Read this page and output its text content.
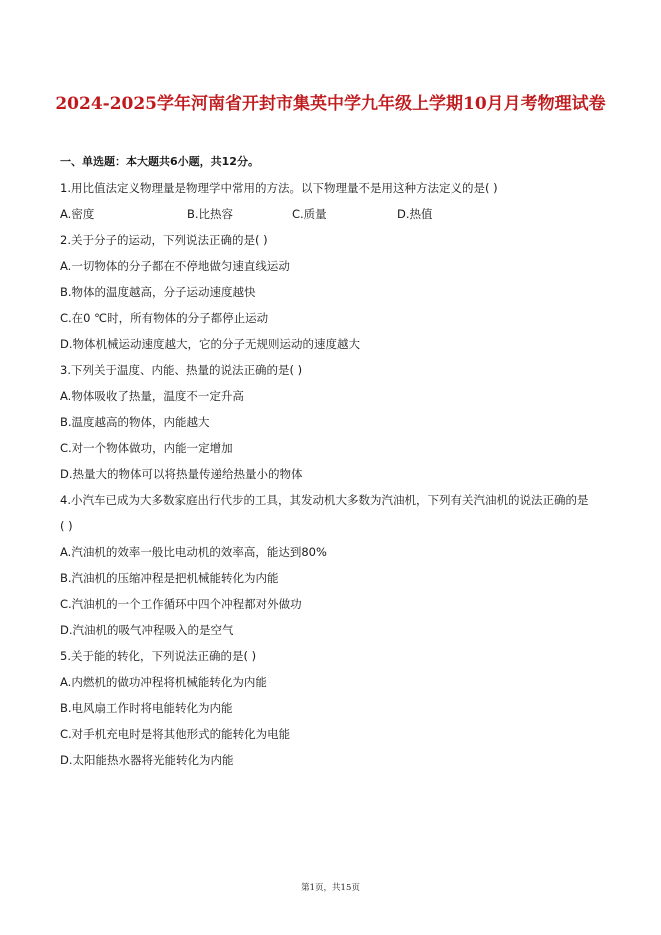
2024-2025学年河南省开封市集英中学九年级上学期10月月考物理试卷
一、单选题：本大题共6小题，共12分。
1.用比值法定义物理量是物理学中常用的方法。以下物理量不是用这种方法定义的是( )
A.密度	B.比热容	C.质量	D.热值
2.关于分子的运动，下列说法正确的是( )
A.一切物体的分子都在不停地做匀速直线运动
B.物体的温度越高，分子运动速度越快
C.在0 ℃时，所有物体的分子都停止运动
D.物体机械运动速度越大，它的分子无规则运动的速度越大
3.下列关于温度、内能、热量的说法正确的是( )
A.物体吸收了热量，温度不一定升高
B.温度越高的物体，内能越大
C.对一个物体做功，内能一定增加
D.热量大的物体可以将热量传递给热量小的物体
4.小汽车已成为大多数家庭出行代步的工具，其发动机大多数为汽油机，下列有关汽油机的说法正确的是
( )
A.汽油机的效率一般比电动机的效率高，能达到80%
B.汽油机的压缩冲程是把机械能转化为内能
C.汽油机的一个工作循环中四个冲程都对外做功
D.汽油机的吸气冲程吸入的是空气
5.关于能的转化，下列说法正确的是( )
A.内燃机的做功冲程将机械能转化为内能
B.电风扇工作时将电能转化为内能
C.对手机充电时是将其他形式的能转化为电能
D.太阳能热水器将光能转化为内能
第1页，共15页
